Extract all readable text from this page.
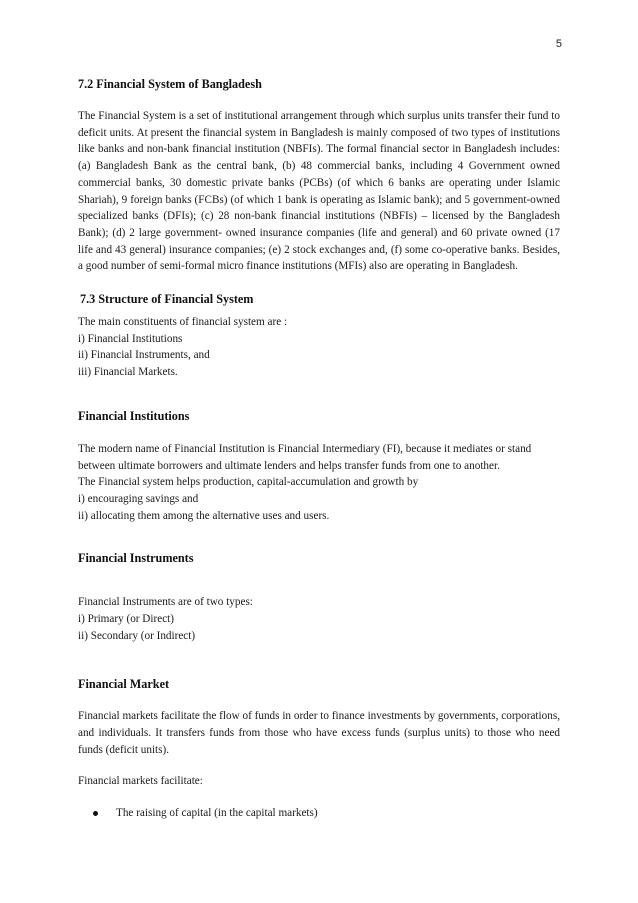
5
7.2 Financial System of Bangladesh

The Financial System is a set of institutional arrangement through which surplus units transfer their fund to deficit units. At present the financial system in Bangladesh is mainly composed of two types of institutions like banks and non-bank financial institution (NBFIs). The formal financial sector in Bangladesh includes: (a) Bangladesh Bank as the central bank, (b) 48 commercial banks, including 4 Government owned commercial banks, 30 domestic private banks (PCBs) (of which 6 banks are operating under Islamic Shariah), 9 foreign banks (FCBs) (of which 1 bank is operating as Islamic bank); and 5 government-owned specialized banks (DFIs); (c) 28 non-bank financial institutions (NBFIs) – licensed by the Bangladesh Bank); (d) 2 large government- owned insurance companies (life and general) and 60 private owned (17 life and 43 general) insurance companies; (e) 2 stock exchanges and, (f) some co-operative banks. Besides, a good number of semi-formal micro finance institutions (MFIs) also are operating in Bangladesh.

7.3 Structure of Financial System
The main constituents of financial system are :
i) Financial Institutions
ii) Financial Instruments, and
iii) Financial Markets.
Financial Institutions
The modern name of Financial Institution is Financial Intermediary (FI), because it mediates or stand
between ultimate borrowers and ultimate lenders and helps transfer funds from one to another.
The Financial system helps production, capital-accumulation and growth by
i) encouraging savings and
ii) allocating them among the alternative uses and users.
Financial Instruments
Financial Instruments are of two types:
i) Primary (or Direct)
ii) Secondary (or Indirect)
Financial Market

Financial markets facilitate the flow of funds in order to finance investments by governments, corporations, and individuals. It transfers funds from those who have excess funds (surplus units) to those who need funds (deficit units).

Financial markets facilitate:

The raising of capital (in the capital markets)
